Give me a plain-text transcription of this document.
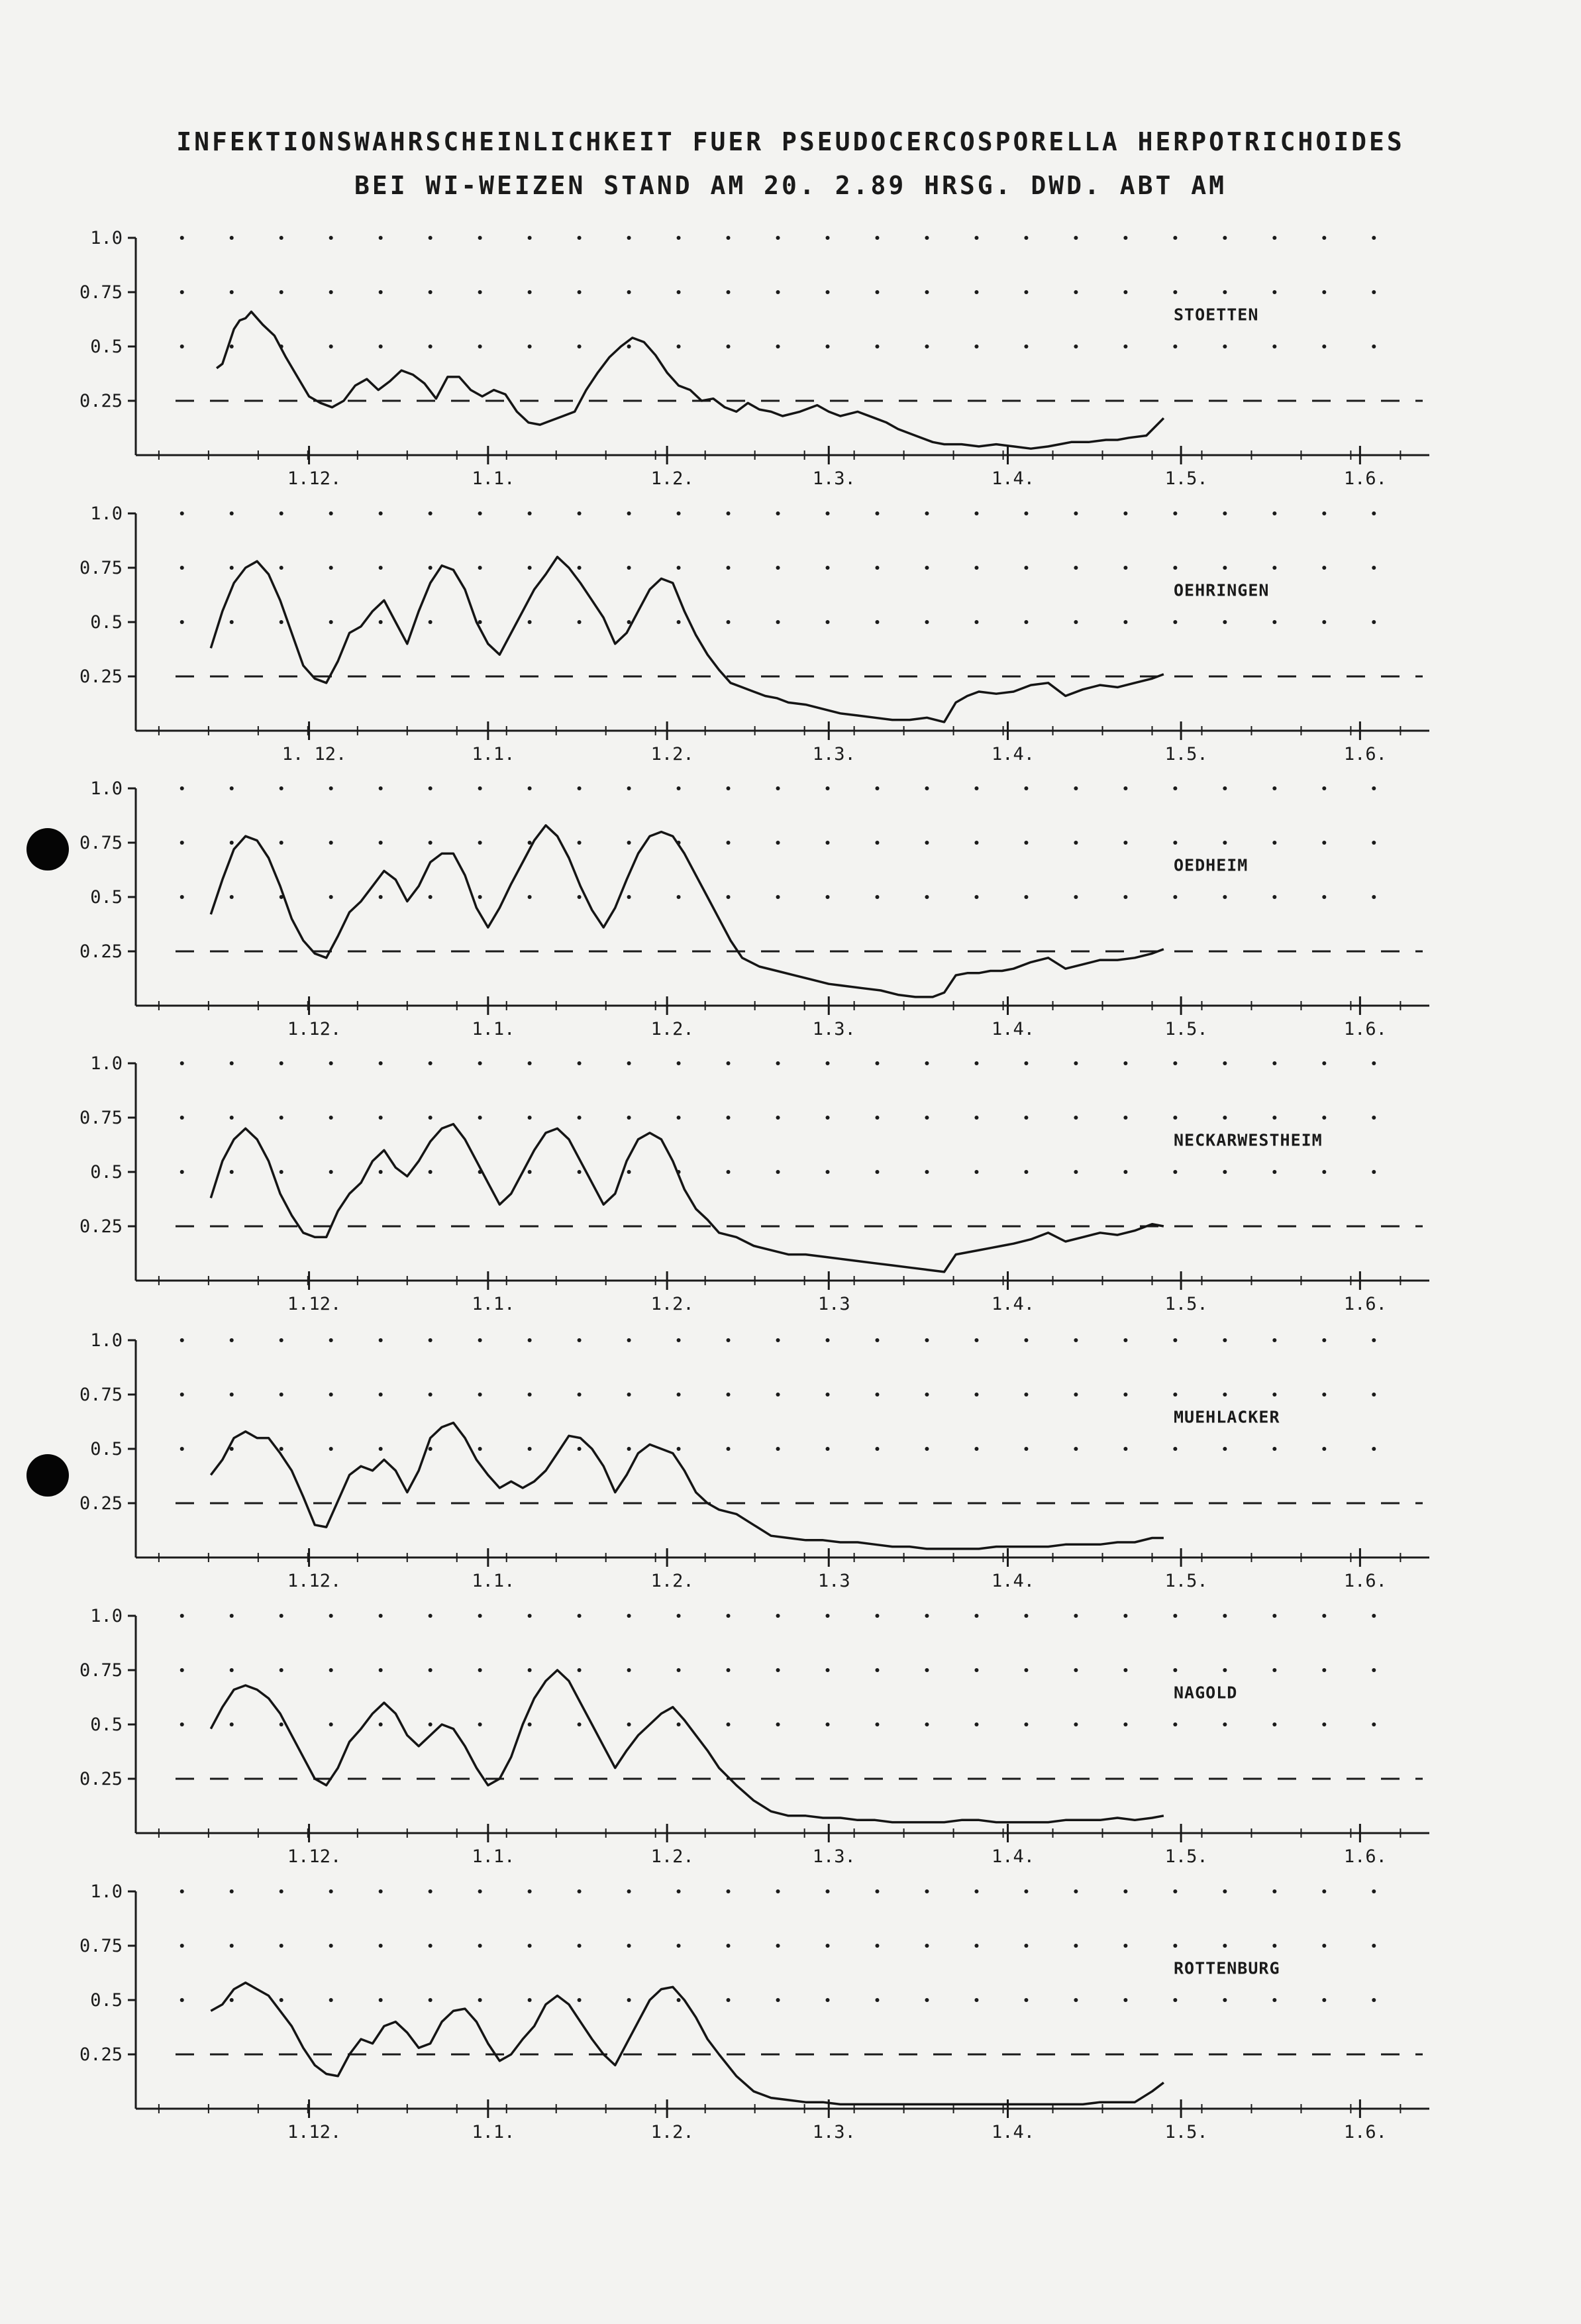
INFEKTIONSWAHRSCHEINLICHKEIT FUER PSEUDOCERCOSPORELLA HERPOTRICHOIDES
BEI WI-WEIZEN STAND AM 20. 2.89 HRSG. DWD. ABT AM
1.0
0.75
0.5
0.25
1.12.	1.1.	1.2.	1.3.	1.4.	1.5.	1.6.
STOETTEN
1.0
0.75
0.5
0.25
1. 12.	1.1.	1.2.	1.3.	1.4.	1.5.	1.6.
OEHRINGEN
1.0
0.75
0.5
0.25
1.12.	1.1.	1.2.	1.3.	1.4.	1.5.	1.6.
OEDHEIM
1.0
0.75
0.5
0.25
1.12.	1.1.	1.2.	1.3	1.4.	1.5.	1.6.
NECKARWESTHEIM
1.0
0.75
0.5
0.25
1.12.	1.1.	1.2.	1.3	1.4.	1.5.	1.6.
MUEHLACKER
1.0
0.75
0.5
0.25
1.12.	1.1.	1.2.	1.3.	1.4.	1.5.	1.6.
NAGOLD
1.0
0.75
0.5
0.25
1.12.	1.1.	1.2.	1.3.	1.4.	1.5.	1.6.
ROTTENBURG
